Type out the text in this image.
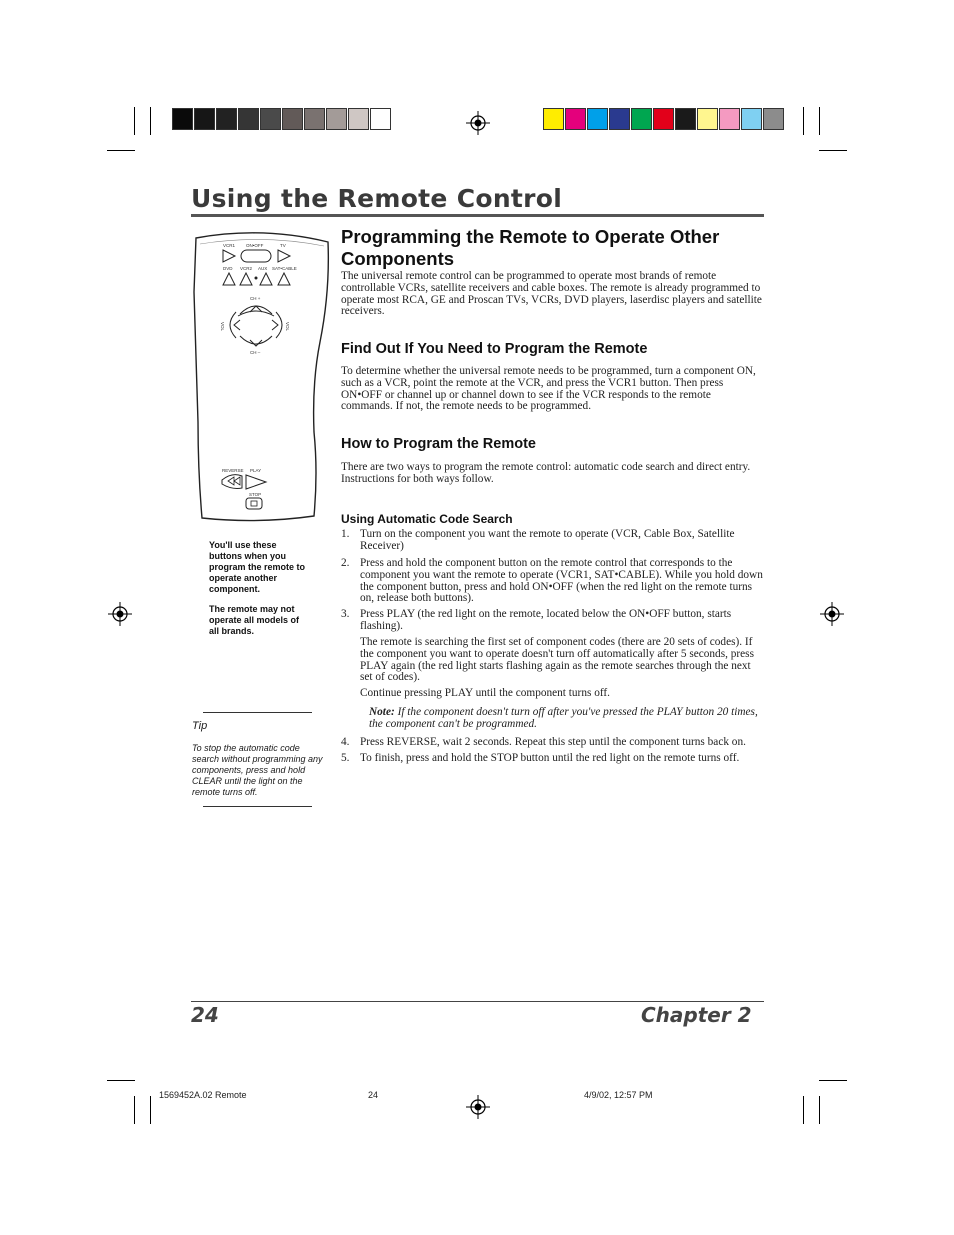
Using the Remote Control
VCR1 ON•OFF	TV
DVD VCR2 AUX SAT•CABLE
CH +
CH –
VOL	VOL
REVERSE PLAY
STOP
You'll use these buttons when you program the remote to operate another component.
The remote may not operate all models of all brands.
Tip
To stop the automatic code search without programming any components, press and hold CLEAR until the light on the remote turns off.
Programming the Remote to Operate Other Components

The universal remote control can be programmed to operate most brands of remote controllable VCRs, satellite receivers and cable boxes. The remote is already programmed to operate most RCA, GE and Proscan TVs, VCRs, DVD players, laserdisc players and satellite receivers.

Find Out If You Need to Program the Remote

To determine whether the universal remote needs to be programmed, turn a component ON, such as a VCR, point the remote at the VCR, and press the VCR1 button. Then press ON•OFF or channel up or channel down to see if the VCR responds to the remote commands. If not, the remote needs to be programmed.

How to Program the Remote

There are two ways to program the remote control: automatic code search and direct entry. Instructions for both ways follow.

Using Automatic Code Search
1. Turn on the component you want the remote to operate (VCR, Cable Box, Satellite Receiver)
2. Press and hold the component button on the remote control that corresponds to the component you want the remote to operate (VCR1, SAT•CABLE). While you hold down the component button, press and hold ON•OFF (when the red light on the remote turns on, release both buttons).
3. Press PLAY (the red light on the remote, located below the ON•OFF button, starts flashing).

The remote is searching the first set of component codes (there are 20 sets of codes). If the component you want to operate doesn't turn off automatically after 5 seconds, press PLAY again (the red light starts flashing again as the remote searches through the next set of codes).

Continue pressing PLAY until the component turns off.

Note: If the component doesn't turn off after you've pressed the PLAY button 20 times, the component can't be programmed.
4. Press REVERSE, wait 2 seconds. Repeat this step until the component turns back on.
5. To finish, press and hold the STOP button until the red light on the remote turns off.
24	Chapter 2
1569452A.02 Remote	24	4/9/02, 12:57 PM
